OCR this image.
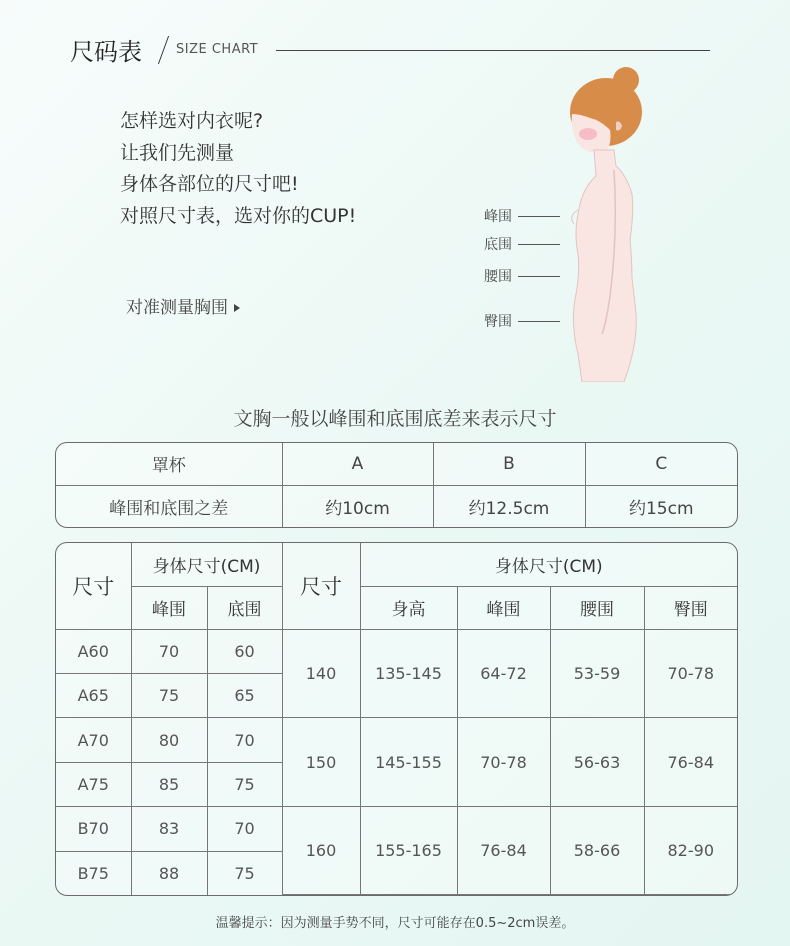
尺码表	SIZE CHART
怎样选对内衣呢?
让我们先测量
身体各部位的尺寸吧!
对照尺寸表，选对你的CUP!
对准测量胸围
峰围
底围
腰围
臀围
文胸一般以峰围和底围底差来表示尺寸
罩杯	A	B	C
峰围和底围之差	约10cm	约12.5cm	约15cm
尺寸	身体尺寸(CM)		尺寸	身体尺寸(CM)			
	峰围	底围		身高	峰围	腰围	臀围
A60	70	60	140	135-145	64-72	53-59	70-78
A65	75	65					
A70	80	70	150	145-155	70-78	56-63	76-84
A75	85	75					
B70	83	70	160	155-165	76-84	58-66	82-90
B75	88	75					
温馨提示：因为测量手势不同，尺寸可能存在0.5~2cm误差。
